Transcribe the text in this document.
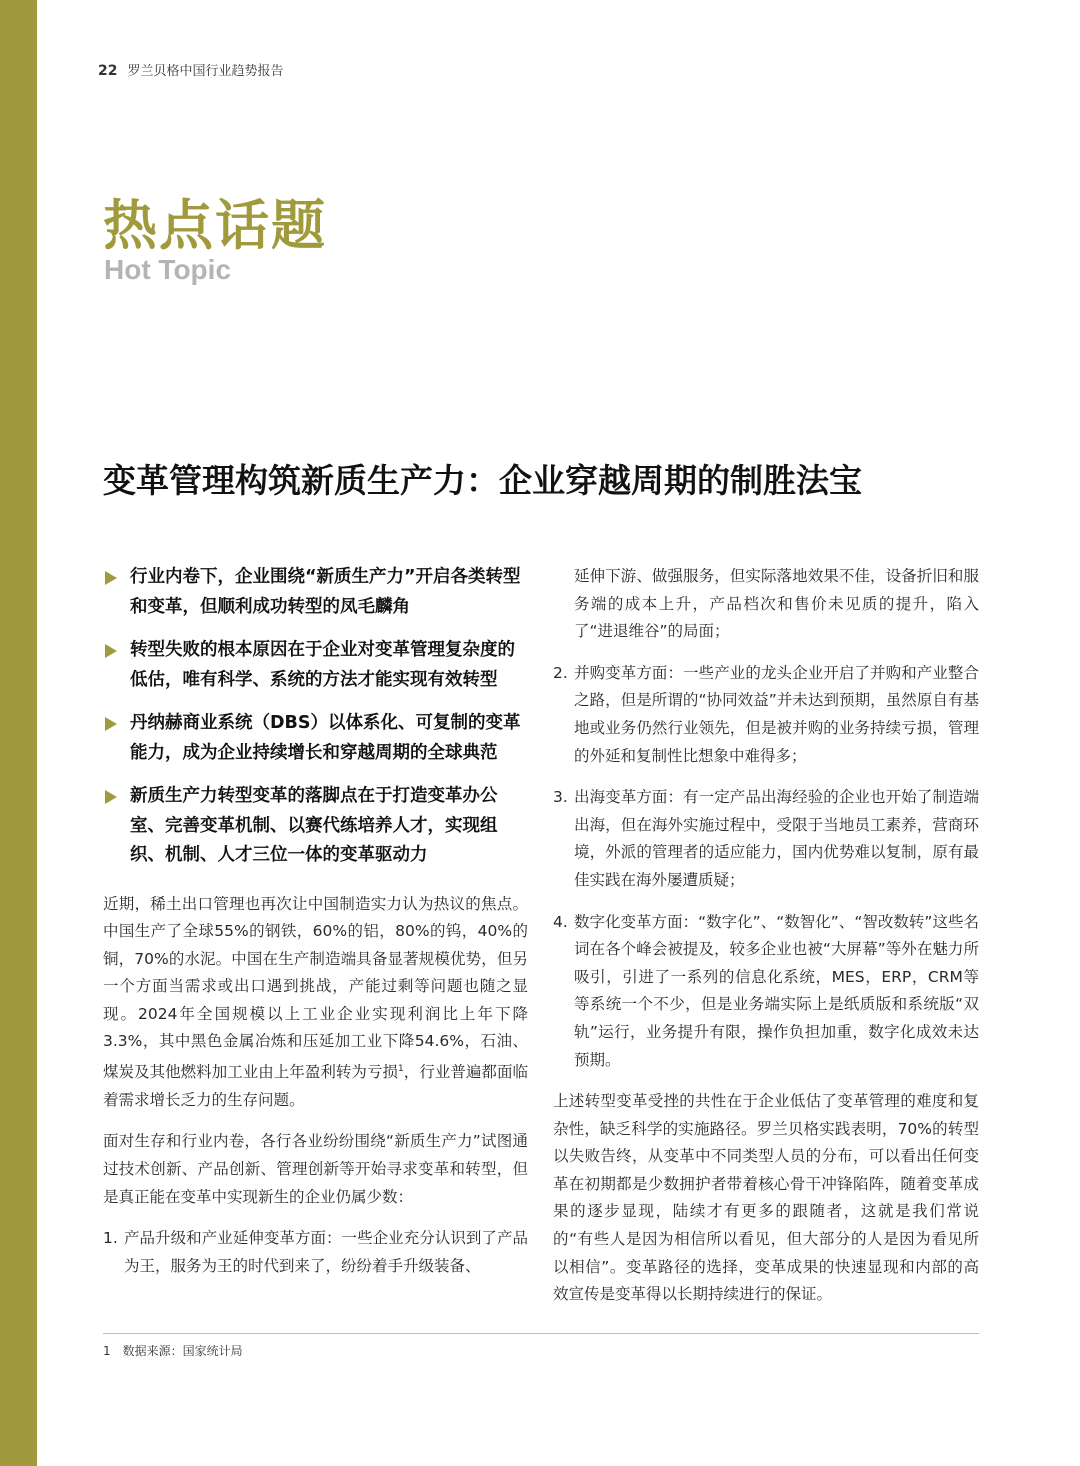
22 罗兰贝格中国行业趋势报告
热点话题
Hot Topic
变革管理构筑新质生产力：企业穿越周期的制胜法宝
行业内卷下，企业围绕“新质生产力”开启各类转型和变革，但顺利成功转型的凤毛麟角
转型失败的根本原因在于企业对变革管理复杂度的低估，唯有科学、系统的方法才能实现有效转型
丹纳赫商业系统（DBS）以体系化、可复制的变革能力，成为企业持续增长和穿越周期的全球典范
新质生产力转型变革的落脚点在于打造变革办公室、完善变革机制、以赛代练培养人才，实现组织、机制、人才三位一体的变革驱动力

近期，稀土出口管理也再次让中国制造实力认为热议的焦点。中国生产了全球55%的钢铁，60%的铝，80%的钨，40%的铜，70%的水泥。中国在生产制造端具备显著规模优势，但另一个方面当需求或出口遇到挑战，产能过剩等问题也随之显现。2024年全国规模以上工业企业实现利润比上年下降3.3%，其中黑色金属冶炼和压延加工业下降54.6%，石油、煤炭及其他燃料加工业由上年盈利转为亏损$^1$，行业普遍都面临着需求增长乏力的生存问题。

面对生存和行业内卷，各行各业纷纷围绕“新质生产力”试图通过技术创新、产品创新、管理创新等开始寻求变革和转型，但是真正能在变革中实现新生的企业仍属少数：

1. 产品升级和产业延伸变革方面：一些企业充分认识到了产品为王，服务为王的时代到来了，纷纷着手升级装备、
延伸下游、做强服务，但实际落地效果不佳，设备折旧和服务端的成本上升，产品档次和售价未见质的提升，陷入了“进退维谷”的局面；
2. 并购变革方面：一些产业的龙头企业开启了并购和产业整合之路，但是所谓的“协同效益”并未达到预期，虽然原自有基地或业务仍然行业领先，但是被并购的业务持续亏损，管理的外延和复制性比想象中难得多；
3. 出海变革方面：有一定产品出海经验的企业也开始了制造端出海，但在海外实施过程中，受限于当地员工素养，营商环境，外派的管理者的适应能力，国内优势难以复制，原有最佳实践在海外屡遭质疑；
4. 数字化变革方面：“数字化”、“数智化”、“智改数转”这些名词在各个峰会被提及，较多企业也被“大屏幕”等外在魅力所吸引，引进了一系列的信息化系统，MES，ERP，CRM等等系统一个不少，但是业务端实际上是纸质版和系统版“双轨”运行，业务提升有限，操作负担加重，数字化成效未达预期。

上述转型变革受挫的共性在于企业低估了变革管理的难度和复杂性，缺乏科学的实施路径。罗兰贝格实践表明，70%的转型以失败告终，从变革中不同类型人员的分布，可以看出任何变革在初期都是少数拥护者带着核心骨干冲锋陷阵，随着变革成果的逐步显现，陆续才有更多的跟随者，这就是我们常说的“有些人是因为相信所以看见，但大部分的人是因为看见所以相信”。变革路径的选择，变革成果的快速显现和内部的高效宣传是变革得以长期持续进行的保证。

1 数据来源：国家统计局
